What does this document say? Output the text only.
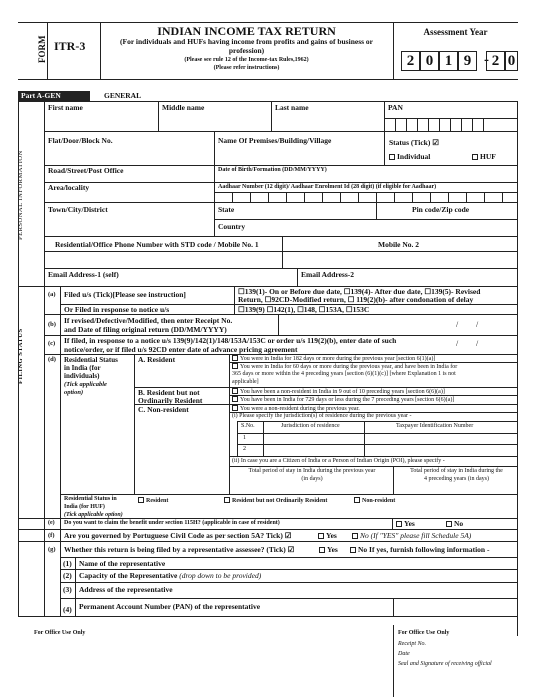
FORM ITR-3
INDIAN INCOME TAX RETURN
(For individuals and HUFs having income from profits and gains of business or profession)
(Please see rule 12 of the Income-tax Rules,1962)
(Please refer instructions)
Assessment Year
2 0 1 9 - 2 0
Part A-GEN	GENERAL
PERSONAL INFORMATION
First name	Middle name	Last name	PAN
Flat/Door/Block No.	Name Of Premises/Building/Village	Status (Tick) ☑
Individual	HUF
Road/Street/Post Office	Date of Birth/Formation (DD/MM/YYYY)
Area/locality	Aadhaar Number (12 digit)/ Aadhaar Enrolment Id (28 digit) (if eligible for Aadhaar)
Town/City/District	State	Pin code/Zip code
Country
Residential/Office Phone Number with STD code / Mobile No. 1	Mobile No. 2
Email Address-1 (self)	Email Address-2
FILING STATUS
(a) Filed u/s (Tick)[Please see instruction]	☐139(1)- On or Before due date, ☐139(4)- After due date, ☐139(5)- Revised
Return, ☐92CD-Modified return, ☐ 119(2)(b)- after condonation of delay
Or Filed in response to notice u/s	☐139(9) ☐142(1), ☐148, ☐153A, ☐153C
(b) If revised/Defective/Modified, then enter Receipt No.
and Date of filing original return (DD/MM/YYYY)
/ /
(c) If filed, in response to a notice u/s 139(9)/142(1)/148/153A/153C or order u/s 119(2)(b), enter date of such
notice/order, or if filed u/s 92CD enter date of advance pricing agreement
/ /
(d) Residential Status
in India (for
individuals)
(Tick applicable
option)
A. Resident	You were in India for 182 days or more during the previous year [section 6(1)(a)]
You were in India for 60 days or more during the previous year, and have been in India for
365 days or more within the 4 preceding years [section (6)(1)(c)] [where Explanation 1 is not
applicable]
B. Resident but not
Ordinarily Resident
You have been a non-resident in India in 9 out of 10 preceding years [section 6(6)(a)]
You have been in India for 729 days or less during the 7 preceding years [section 6(6)(a)]
C. Non-resident	You were a non-resident during the previous year.
(i) Please specify the jurisdiction(s) of residence during the previous year -
S.No.	Jurisdiction of residence	Taxpayer Identification Number
1
2
(ii) In case you are a Citizen of India or a Person of Indian Origin (POI), please specify -
Total period of stay in India during the previous year
(in days)
Total period of stay in India during the
4 preceding years (in days)
Residential Status in
India (for HUF)
(Tick applicable option)
Resident	Resident but not Ordinarily Resident	Non-resident
(e) Do you want to claim the benefit under section 115H? (applicable in case of resident)	Yes	No
(f) Are you governed by Portuguese Civil Code as per section 5A? Tick) ☑	Yes	No (If "YES" please fill Schedule 5A)
(g) Whether this return is being filed by a representative assessee? (Tick) ☑	Yes	No If yes, furnish following information -
(1) Name of the representative
(2) Capacity of the Representative (drop down to be provided)
(3) Address of the representative
(4) Permanent Account Number (PAN) of the representative
For Office Use Only	For Office Use Only
Receipt No.
Date
Seal and Signature of receiving official
